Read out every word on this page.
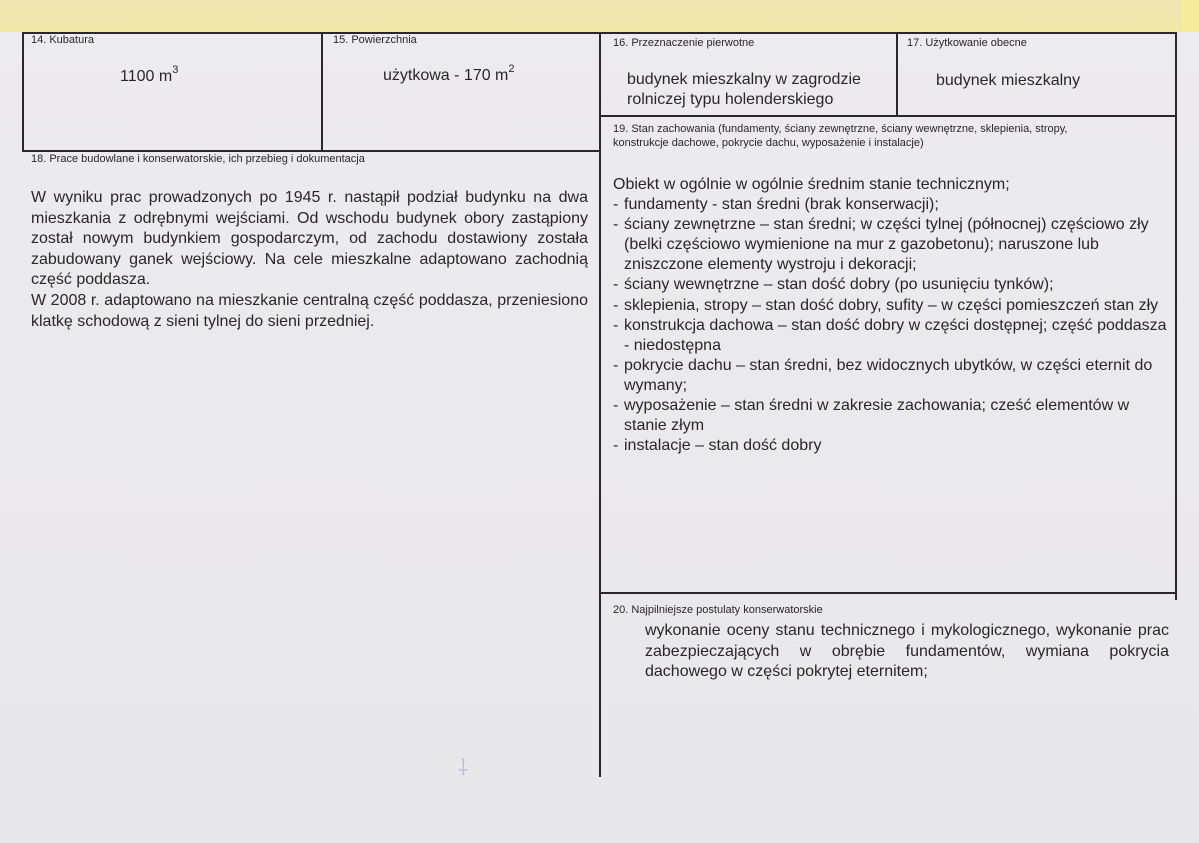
14. Kubatura
1100 $m^3$
15. Powierzchnia
użytkowa - 170 $m^2$
16. Przeznaczenie pierwotne
budynek mieszkalny w zagrodzie
rolniczej typu holenderskiego
17. Użytkowanie obecne
budynek mieszkalny
18. Prace budowlane i konserwatorskie, ich przebieg i dokumentacja

W wyniku prac prowadzonych po 1945 r. nastąpił podział budynku na dwa mieszkania z odrębnymi wejściami. Od wschodu budynek obory zastąpiony został nowym budynkiem gospodarczym, od zachodu dostawiony została zabudowany ganek wejściowy. Na cele mieszkalne adaptowano zachodnią część poddasza.

W 2008 r. adaptowano na mieszkanie centralną część poddasza, przeniesiono klatkę schodową z sieni tylnej do sieni przedniej.

19. Stan zachowania (fundamenty, ściany zewnętrzne, ściany wewnętrzne, sklepienia, stropy,
konstrukcje dachowe, pokrycie dachu, wyposażenie i instalacje)
Obiekt w ogólnie w ogólnie średnim stanie technicznym;
- fundamenty - stan średni (brak konserwacji);
- ściany zewnętrzne – stan średni; w części tylnej (północnej) częściowo zły (belki częściowo wymienione na mur z gazobetonu); naruszone lub zniszczone elementy wystroju i dekoracji;
- ściany wewnętrzne – stan dość dobry (po usunięciu tynków);
- sklepienia, stropy – stan dość dobry, sufity – w części pomieszczeń stan zły
- konstrukcja dachowa – stan dość dobry w części dostępnej; część poddasza - niedostępna
- pokrycie dachu – stan średni, bez widocznych ubytków, w części eternit do wymany;
- wyposażenie – stan średni w zakresie zachowania; cześć elementów w stanie złym
- instalacje – stan dość dobry
20. Najpilniejsze postulaty konserwatorskie
wykonanie oceny stanu technicznego i mykologicznego, wykonanie prac zabezpieczających w obrębie fundamentów, wymiana pokrycia dachowego w części pokrytej eternitem;
⸸
